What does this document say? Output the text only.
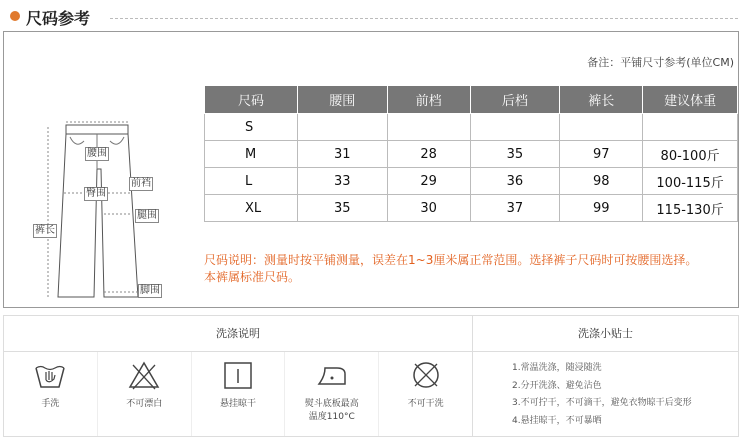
尺码参考
备注：平铺尺寸参考(单位CM)
腰围
前裆
臀围
腿围
裤长
脚围
尺码	腰围	前档	后档	裤长	建议体重
S					
M	31	28	35	97	80-100斤
L	33	29	36	98	100-115斤
XL	35	30	37	99	115-130斤
尺码说明：测量时按平铺测量，误差在1~3厘米属正常范围。选择裤子尺码时可按腰围选择。
本裤属标准尺码。
洗涤说明	洗涤小贴士
手洗	不可漂白	悬挂晾干	熨斗底板最高
温度110°C
不可干洗
1.常温洗涤，随浸随洗
2.分开洗涤、避免沾色
3.不可拧干，不可滴干，避免衣物晾干后变形
4.悬挂晾干，不可暴晒
